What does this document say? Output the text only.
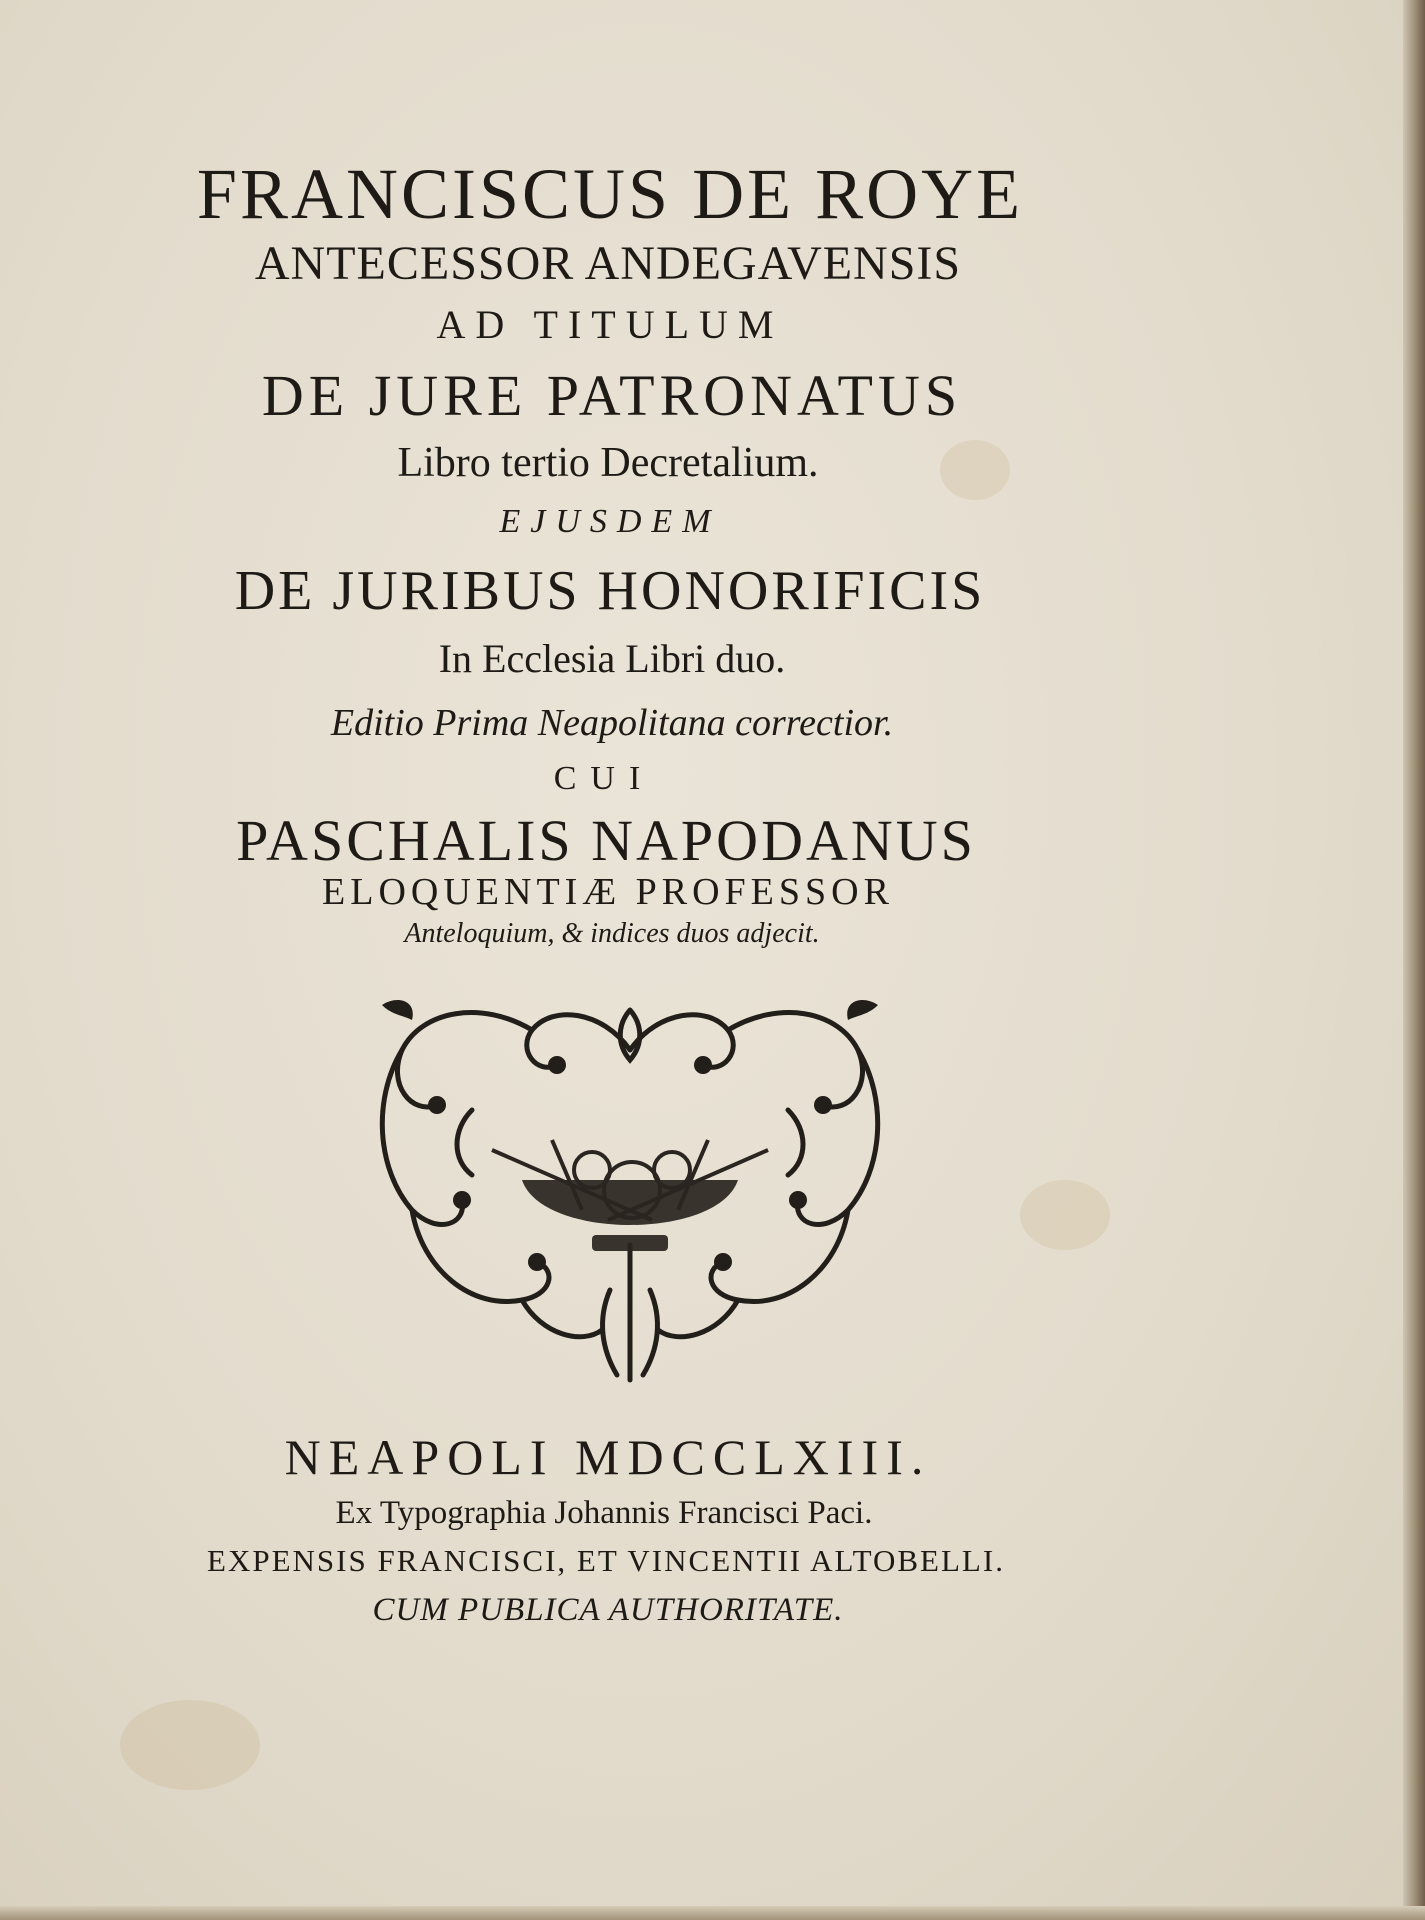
FRANCISCUS DE ROYE
ANTECESSOR ANDEGAVENSIS
AD TITULUM
DE JURE PATRONATUS
Libro tertio Decretalium.
EJUSDEM
DE JURIBUS HONORIFICIS
In Ecclesia Libri duo.
Editio Prima Neapolitana correctior.
CUI
PASCHALIS NAPODANUS
ELOQUENTIÆ PROFESSOR
Anteloquium, & indices duos adjecit.
NEAPOLI MDCCLXIII.
Ex Typographia Johannis Francisci Paci.
EXPENSIS FRANCISCI, ET VINCENTII ALTOBELLI.
CUM PUBLICA AUTHORITATE.
